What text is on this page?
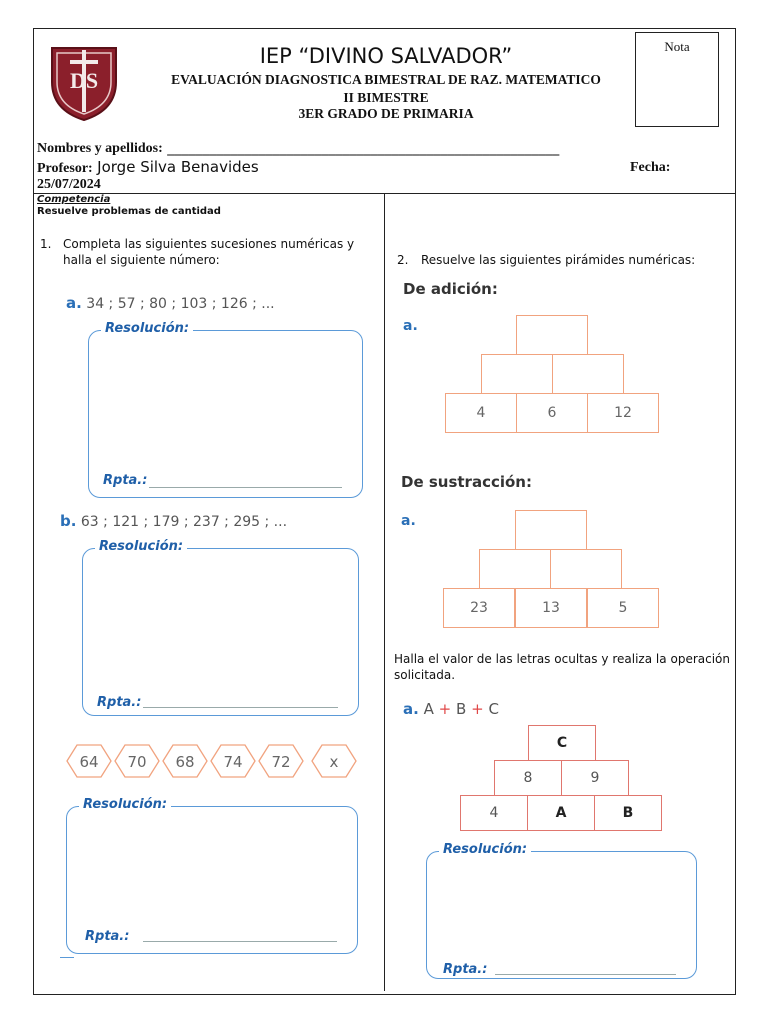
DS
IEP “DIVINO SALVADOR”
EVALUACIÓN DIAGNOSTICA BIMESTRAL DE RAZ. MATEMATICO
II BIMESTRE
3ER GRADO DE PRIMARIA
Nota
Nombres y apellidos: ________________________________________________________
Profesor: Jorge Silva Benavides	Fecha:
25/07/2024
Competencia
Resuelve problemas de cantidad
1. Completa las siguientes sucesiones numéricas y halla el siguiente número:
a. 34 ; 57 ; 80 ; 103 ; 126 ; ...
Resolución:
Rpta.:
b. 63 ; 121 ; 179 ; 237 ; 295 ; ...
Resolución:
Rpta.:
64 70 68 74 72	x
Resolución:
Rpta.:
2. Resuelve las siguientes pirámides numéricas:
De adición:
a.
4	6	12
De sustracción:
a.
23	13	5
Halla el valor de las letras ocultas y realiza la operación solicitada.
a. A + B + C
C
8	9
4	A	B
Resolución:
Rpta.:
